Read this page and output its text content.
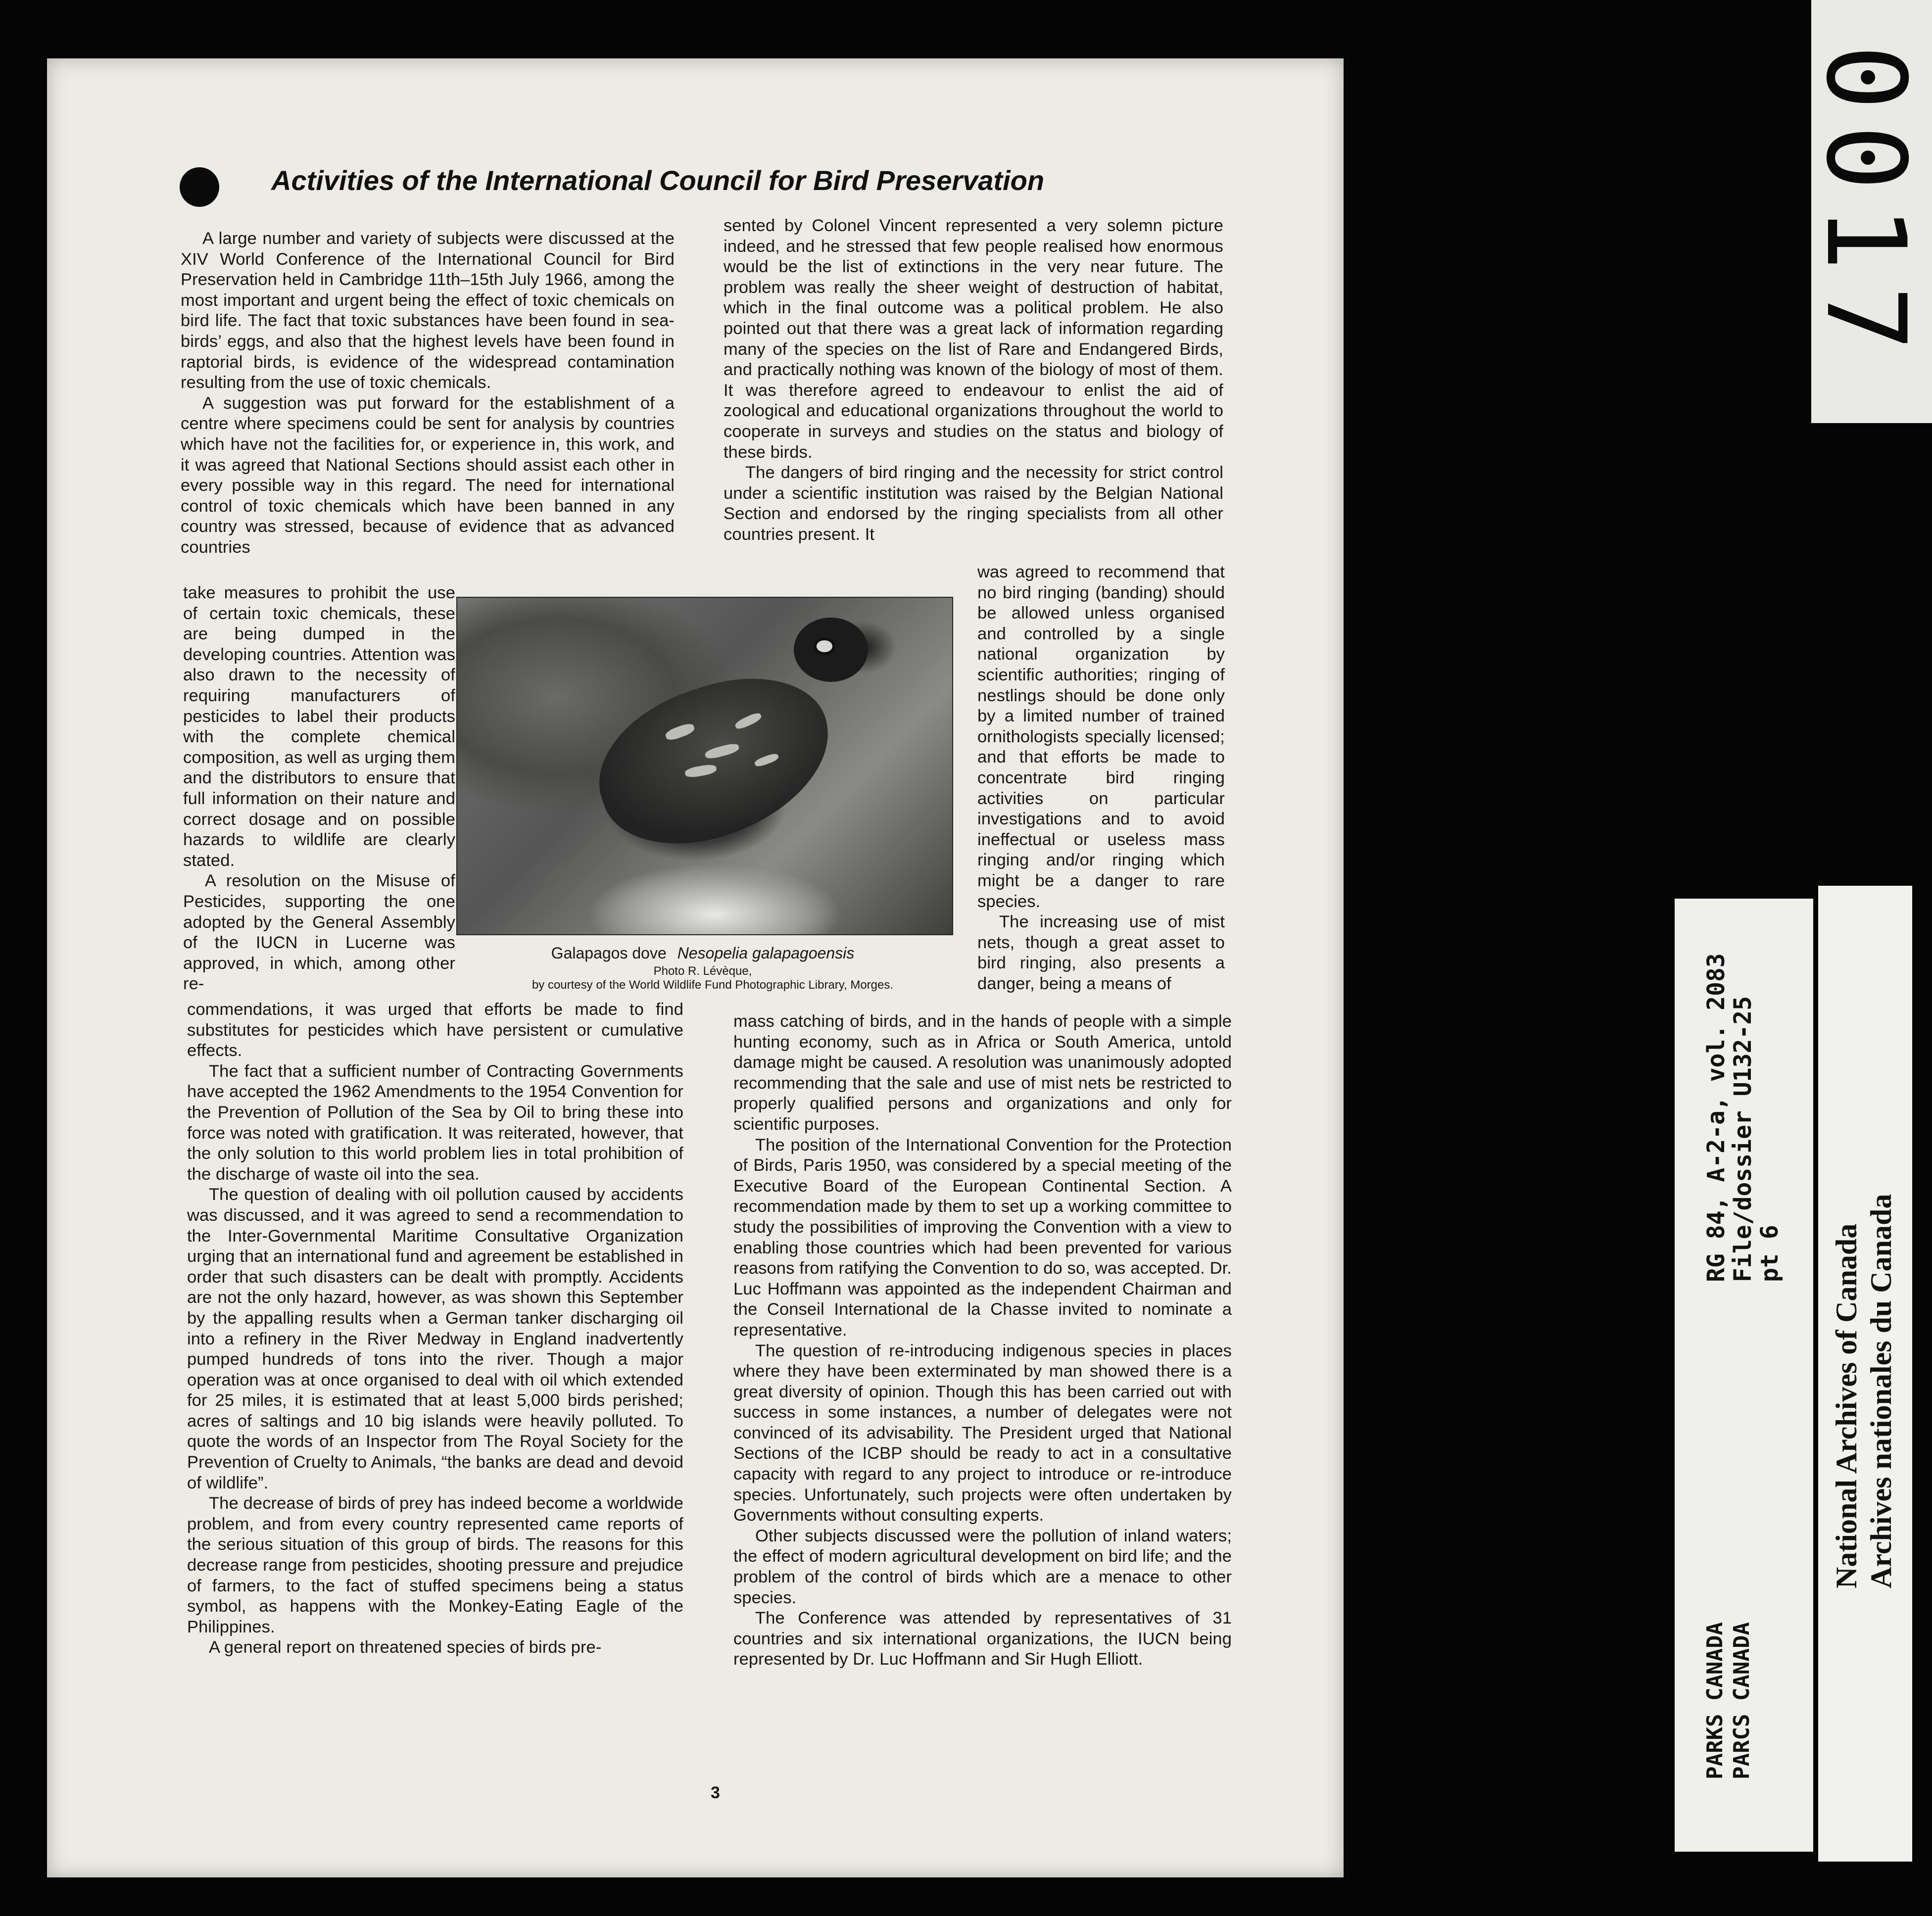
Activities of the International Council for Bird Preservation

A large number and variety of subjects were discussed at the XIV World Conference of the International Council for Bird Preservation held in Cambridge 11th–15th July 1966, among the most important and urgent being the effect of toxic chemicals on bird life. The fact that toxic substances have been found in sea-birds’ eggs, and also that the highest levels have been found in raptorial birds, is evidence of the widespread contamination resulting from the use of toxic chemicals.

A suggestion was put forward for the establishment of a centre where specimens could be sent for analysis by countries which have not the facilities for, or experience in, this work, and it was agreed that National Sections should assist each other in every possible way in this regard. The need for international control of toxic chemicals which have been banned in any country was stressed, because of evidence that as advanced countries

take measures to prohibit the use of certain toxic chemicals, these are being dumped in the developing countries. Attention was also drawn to the necessity of requiring manufacturers of pesticides to label their products with the complete chemical composition, as well as urging them and the distributors to ensure that full information on their nature and correct dosage and on possible hazards to wildlife are clearly stated.

A resolution on the Misuse of Pesticides, supporting the one adopted by the General Assembly of the IUCN in Lucerne was approved, in which, among other re-

commendations, it was urged that efforts be made to find substitutes for pesticides which have persistent or cumulative effects.

The fact that a sufficient number of Contracting Governments have accepted the 1962 Amendments to the 1954 Convention for the Prevention of Pollution of the Sea by Oil to bring these into force was noted with gratification. It was reiterated, however, that the only solution to this world problem lies in total prohibition of the discharge of waste oil into the sea.

The question of dealing with oil pollution caused by accidents was discussed, and it was agreed to send a recommendation to the Inter-Governmental Maritime Consultative Organization urging that an international fund and agreement be established in order that such disasters can be dealt with promptly. Accidents are not the only hazard, however, as was shown this September by the appalling results when a German tanker discharging oil into a refinery in the River Medway in England inadvertently pumped hundreds of tons into the river. Though a major operation was at once organised to deal with oil which extended for 25 miles, it is estimated that at least 5,000 birds perished; acres of saltings and 10 big islands were heavily polluted. To quote the words of an Inspector from The Royal Society for the Prevention of Cruelty to Animals, “the banks are dead and devoid of wildlife”.

The decrease of birds of prey has indeed become a worldwide problem, and from every country represented came reports of the serious situation of this group of birds. The reasons for this decrease range from pesticides, shooting pressure and prejudice of farmers, to the fact of stuffed specimens being a status symbol, as happens with the Monkey-Eating Eagle of the Philippines.

A general report on threatened species of birds pre-

sented by Colonel Vincent represented a very solemn picture indeed, and he stressed that few people realised how enormous would be the list of extinctions in the very near future. The problem was really the sheer weight of destruction of habitat, which in the final outcome was a political problem. He also pointed out that there was a great lack of information regarding many of the species on the list of Rare and Endangered Birds, and practically nothing was known of the biology of most of them. It was therefore agreed to endeavour to enlist the aid of zoological and educational organizations throughout the world to cooperate in surveys and studies on the status and biology of these birds.

The dangers of bird ringing and the necessity for strict control under a scientific institution was raised by the Belgian National Section and endorsed by the ringing specialists from all other countries present. It

was agreed to recommend that no bird ringing (banding) should be allowed unless organised and controlled by a single national organization by scientific authorities; ringing of nestlings should be done only by a limited number of trained ornithologists specially licensed; and that efforts be made to concentrate bird ringing activities on particular investigations and to avoid ineffectual or useless mass ringing and/or ringing which might be a danger to rare species.

The increasing use of mist nets, though a great asset to bird ringing, also presents a danger, being a means of

mass catching of birds, and in the hands of people with a simple hunting economy, such as in Africa or South America, untold damage might be caused. A resolution was unanimously adopted recommending that the sale and use of mist nets be restricted to properly qualified persons and organizations and only for scientific purposes.

The position of the International Convention for the Protection of Birds, Paris 1950, was considered by a special meeting of the Executive Board of the European Continental Section. A recommendation made by them to set up a working committee to study the possibilities of improving the Convention with a view to enabling those countries which had been prevented for various reasons from ratifying the Convention to do so, was accepted. Dr. Luc Hoffmann was appointed as the independent Chairman and the Conseil International de la Chasse invited to nominate a representative.

The question of re-introducing indigenous species in places where they have been exterminated by man showed there is a great diversity of opinion. Though this has been carried out with success in some instances, a number of delegates were not convinced of its advisability. The President urged that National Sections of the ICBP should be ready to act in a consultative capacity with regard to any project to introduce or re-introduce species. Unfortunately, such projects were often undertaken by Governments without consulting experts.

Other subjects discussed were the pollution of inland waters; the effect of modern agricultural development on bird life; and the problem of the control of birds which are a menace to other species.

The Conference was attended by representatives of 31 countries and six international organizations, the IUCN being represented by Dr. Luc Hoffmann and Sir Hugh Elliott.

Galapagos dove Nesopelia galapagoensis
Photo R. Lévèque,
by courtesy of the World Wildlife Fund Photographic Library, Morges.
3
0017
RG 84, A-2-a, vol. 2083
File/dossier U132-25
pt 6
PARKS CANADA PARCS CANADA
National Archives of Canada Archives nationales du Canada
